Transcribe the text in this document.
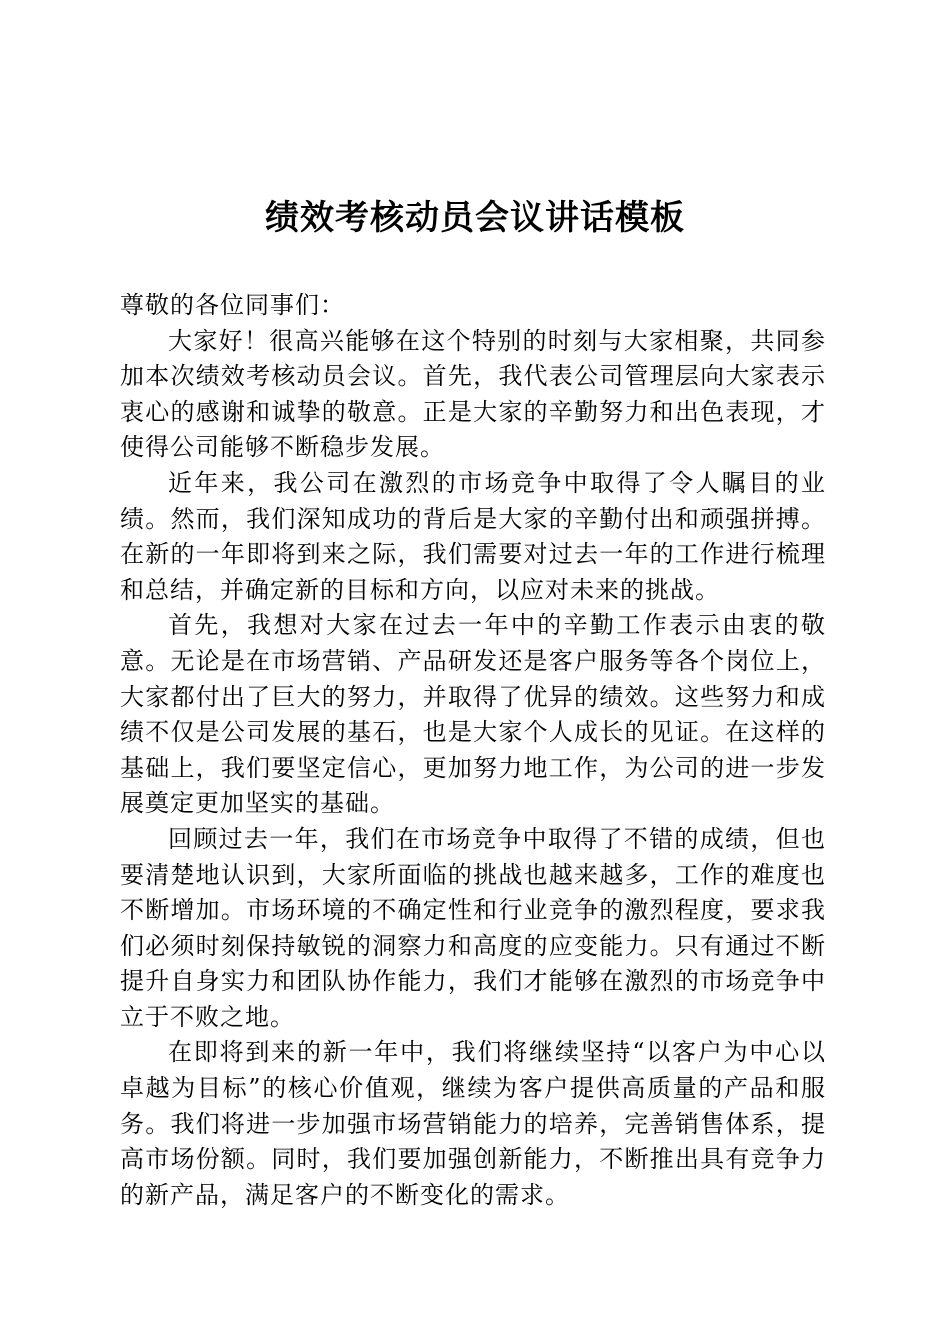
绩效考核动员会议讲话模板

尊敬的各位同事们：

大家好！很高兴能够在这个特别的时刻与大家相聚，共同参加本次绩效考核动员会议。首先，我代表公司管理层向大家表示衷心的感谢和诚挚的敬意。正是大家的辛勤努力和出色表现，才使得公司能够不断稳步发展。

近年来，我公司在激烈的市场竞争中取得了令人瞩目的业绩。然而，我们深知成功的背后是大家的辛勤付出和顽强拼搏。在新的一年即将到来之际，我们需要对过去一年的工作进行梳理和总结，并确定新的目标和方向，以应对未来的挑战。

首先，我想对大家在过去一年中的辛勤工作表示由衷的敬意。无论是在市场营销、产品研发还是客户服务等各个岗位上，大家都付出了巨大的努力，并取得了优异的绩效。这些努力和成绩不仅是公司发展的基石，也是大家个人成长的见证。在这样的基础上，我们要坚定信心，更加努力地工作，为公司的进一步发展奠定更加坚实的基础。

回顾过去一年，我们在市场竞争中取得了不错的成绩，但也要清楚地认识到，大家所面临的挑战也越来越多，工作的难度也不断增加。市场环境的不确定性和行业竞争的激烈程度，要求我们必须时刻保持敏锐的洞察力和高度的应变能力。只有通过不断提升自身实力和团队协作能力，我们才能够在激烈的市场竞争中立于不败之地。

在即将到来的新一年中，我们将继续坚持“以客户为中心以卓越为目标”的核心价值观，继续为客户提供高质量的产品和服务。我们将进一步加强市场营销能力的培养，完善销售体系，提高市场份额。同时，我们要加强创新能力，不断推出具有竞争力的新产品，满足客户的不断变化的需求。
